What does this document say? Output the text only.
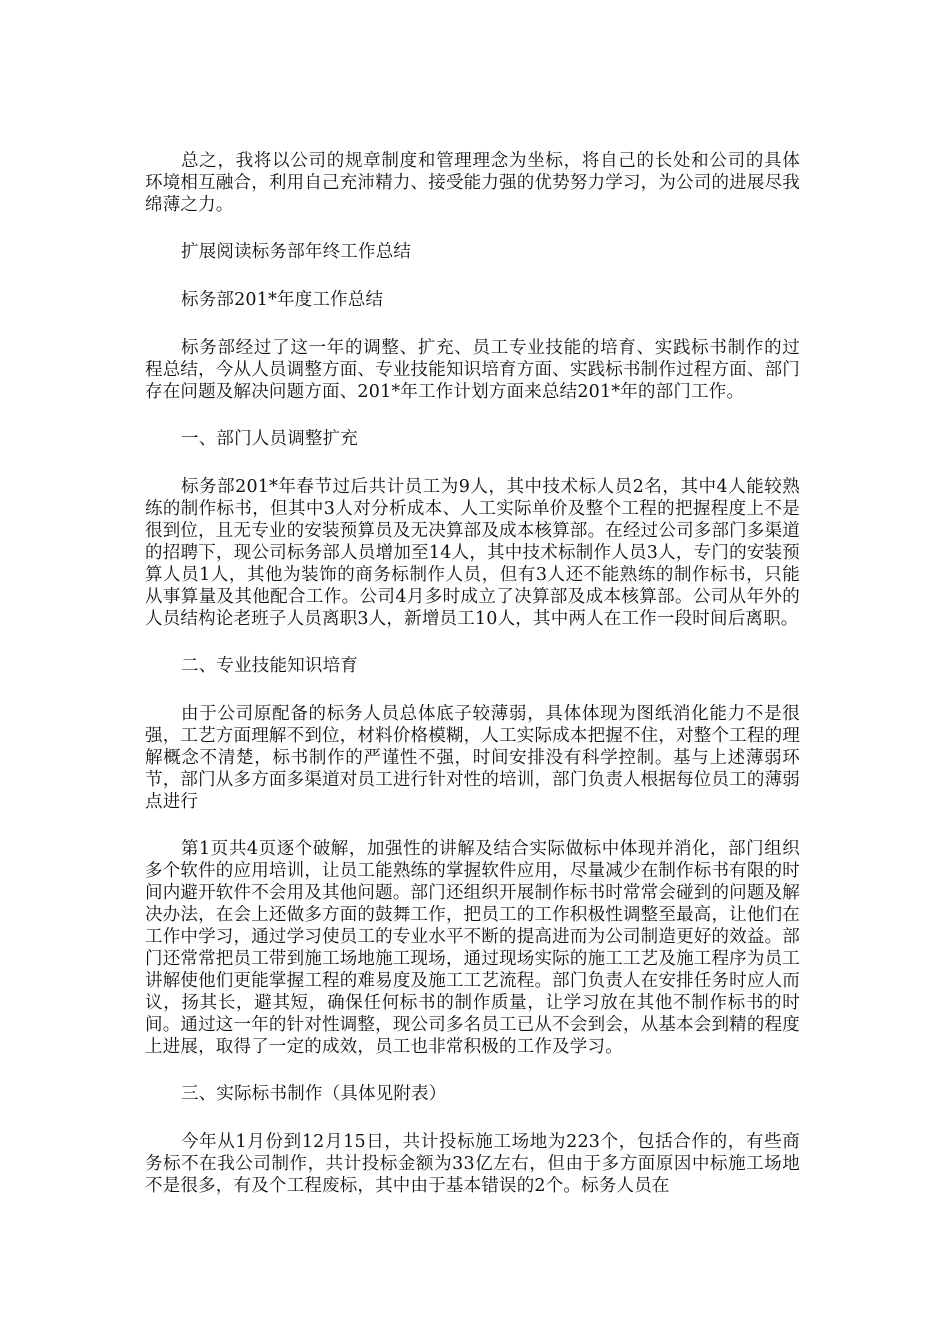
总之，我将以公司的规章制度和管理理念为坐标，将自己的长处和公司的具体环境相互融合，利用自己充沛精力、接受能力强的优势努力学习，为公司的进展尽我绵薄之力。

扩展阅读标务部年终工作总结

标务部201*年度工作总结

标务部经过了这一年的调整、扩充、员工专业技能的培育、实践标书制作的过程总结，今从人员调整方面、专业技能知识培育方面、实践标书制作过程方面、部门存在问题及解决问题方面、201*年工作计划方面来总结201*年的部门工作。

一、部门人员调整扩充

标务部201*年春节过后共计员工为9人，其中技术标人员2名，其中4人能较熟练的制作标书，但其中3人对分析成本、人工实际单价及整个工程的把握程度上不是很到位，且无专业的安装预算员及无决算部及成本核算部。在经过公司多部门多渠道的招聘下，现公司标务部人员增加至14人，其中技术标制作人员3人，专门的安装预算人员1人，其他为装饰的商务标制作人员，但有3人还不能熟练的制作标书，只能从事算量及其他配合工作。公司4月多时成立了决算部及成本核算部。公司从年外的人员结构论老班子人员离职3人，新增员工10人，其中两人在工作一段时间后离职。

二、专业技能知识培育

由于公司原配备的标务人员总体底子较薄弱，具体体现为图纸消化能力不是很强，工艺方面理解不到位，材料价格模糊，人工实际成本把握不住，对整个工程的理解概念不清楚，标书制作的严谨性不强，时间安排没有科学控制。基与上述薄弱环节，部门从多方面多渠道对员工进行针对性的培训，部门负责人根据每位员工的薄弱点进行

第1页共4页逐个破解，加强性的讲解及结合实际做标中体现并消化，部门组织多个软件的应用培训，让员工能熟练的掌握软件应用，尽量减少在制作标书有限的时间内避开软件不会用及其他问题。部门还组织开展制作标书时常常会碰到的问题及解决办法，在会上还做多方面的鼓舞工作，把员工的工作积极性调整至最高，让他们在工作中学习，通过学习使员工的专业水平不断的提高进而为公司制造更好的效益。部门还常常把员工带到施工场地施工现场，通过现场实际的施工工艺及施工程序为员工讲解使他们更能掌握工程的难易度及施工工艺流程。部门负责人在安排任务时应人而议，扬其长，避其短，确保任何标书的制作质量，让学习放在其他不制作标书的时间。通过这一年的针对性调整，现公司多名员工已从不会到会，从基本会到精的程度上进展，取得了一定的成效，员工也非常积极的工作及学习。

三、实际标书制作（具体见附表）

今年从1月份到12月15日，共计投标施工场地为223个，包括合作的，有些商务标不在我公司制作，共计投标金额为33亿左右，但由于多方面原因中标施工场地不是很多，有及个工程废标，其中由于基本错误的2个。标务人员在
